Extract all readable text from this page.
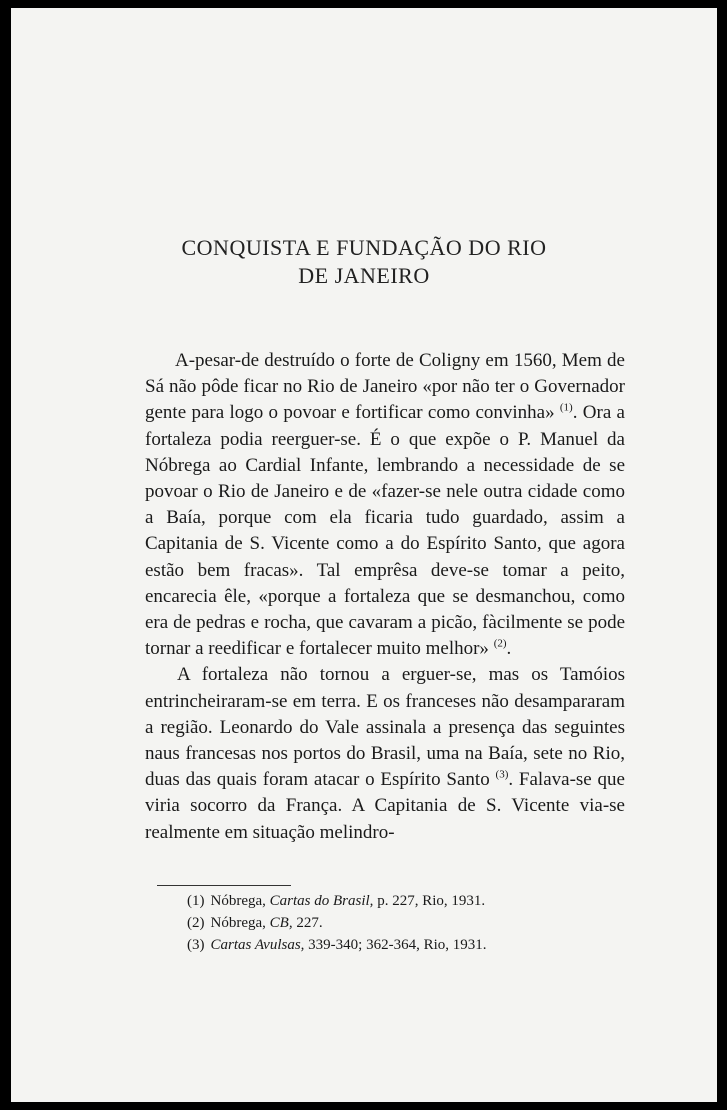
CONQUISTA E FUNDAÇÃO DO RIO
DE JANEIRO

A-pesar-de destruído o forte de Coligny em 1560, Mem de Sá não pôde ficar no Rio de Janeiro «por não ter o Governador gente para logo o povoar e fortificar como convinha» $^{(1)}$. Ora a fortaleza podia reerguer-se. É o que expõe o P. Manuel da Nóbrega ao Cardial Infante, lembrando a necessidade de se povoar o Rio de Janeiro e de «fazer-se nele outra cidade como a Baía, porque com ela ficaria tudo guardado, assim a Capitania de S. Vicente como a do Espírito Santo, que agora estão bem fracas». Tal emprêsa deve-se tomar a peito, encarecia êle, «porque a fortaleza que se desmanchou, como era de pedras e rocha, que cavaram a picão, fàcilmente se pode tornar a reedificar e fortalecer muito melhor» $^{(2)}$.

A fortaleza não tornou a erguer-se, mas os Tamóios entrincheiraram-se em terra. E os franceses não desampararam a região. Leonardo do Vale assinala a presença das seguintes naus francesas nos portos do Brasil, uma na Baía, sete no Rio, duas das quais foram atacar o Espírito Santo $^{(3)}$. Falava-se que viria socorro da França. A Capitania de S. Vicente via-se realmente em situação melindro-

(1) Nóbrega, Cartas do Brasil, p. 227, Rio, 1931.
(2) Nóbrega, CB, 227.
(3) Cartas Avulsas, 339-340; 362-364, Rio, 1931.
